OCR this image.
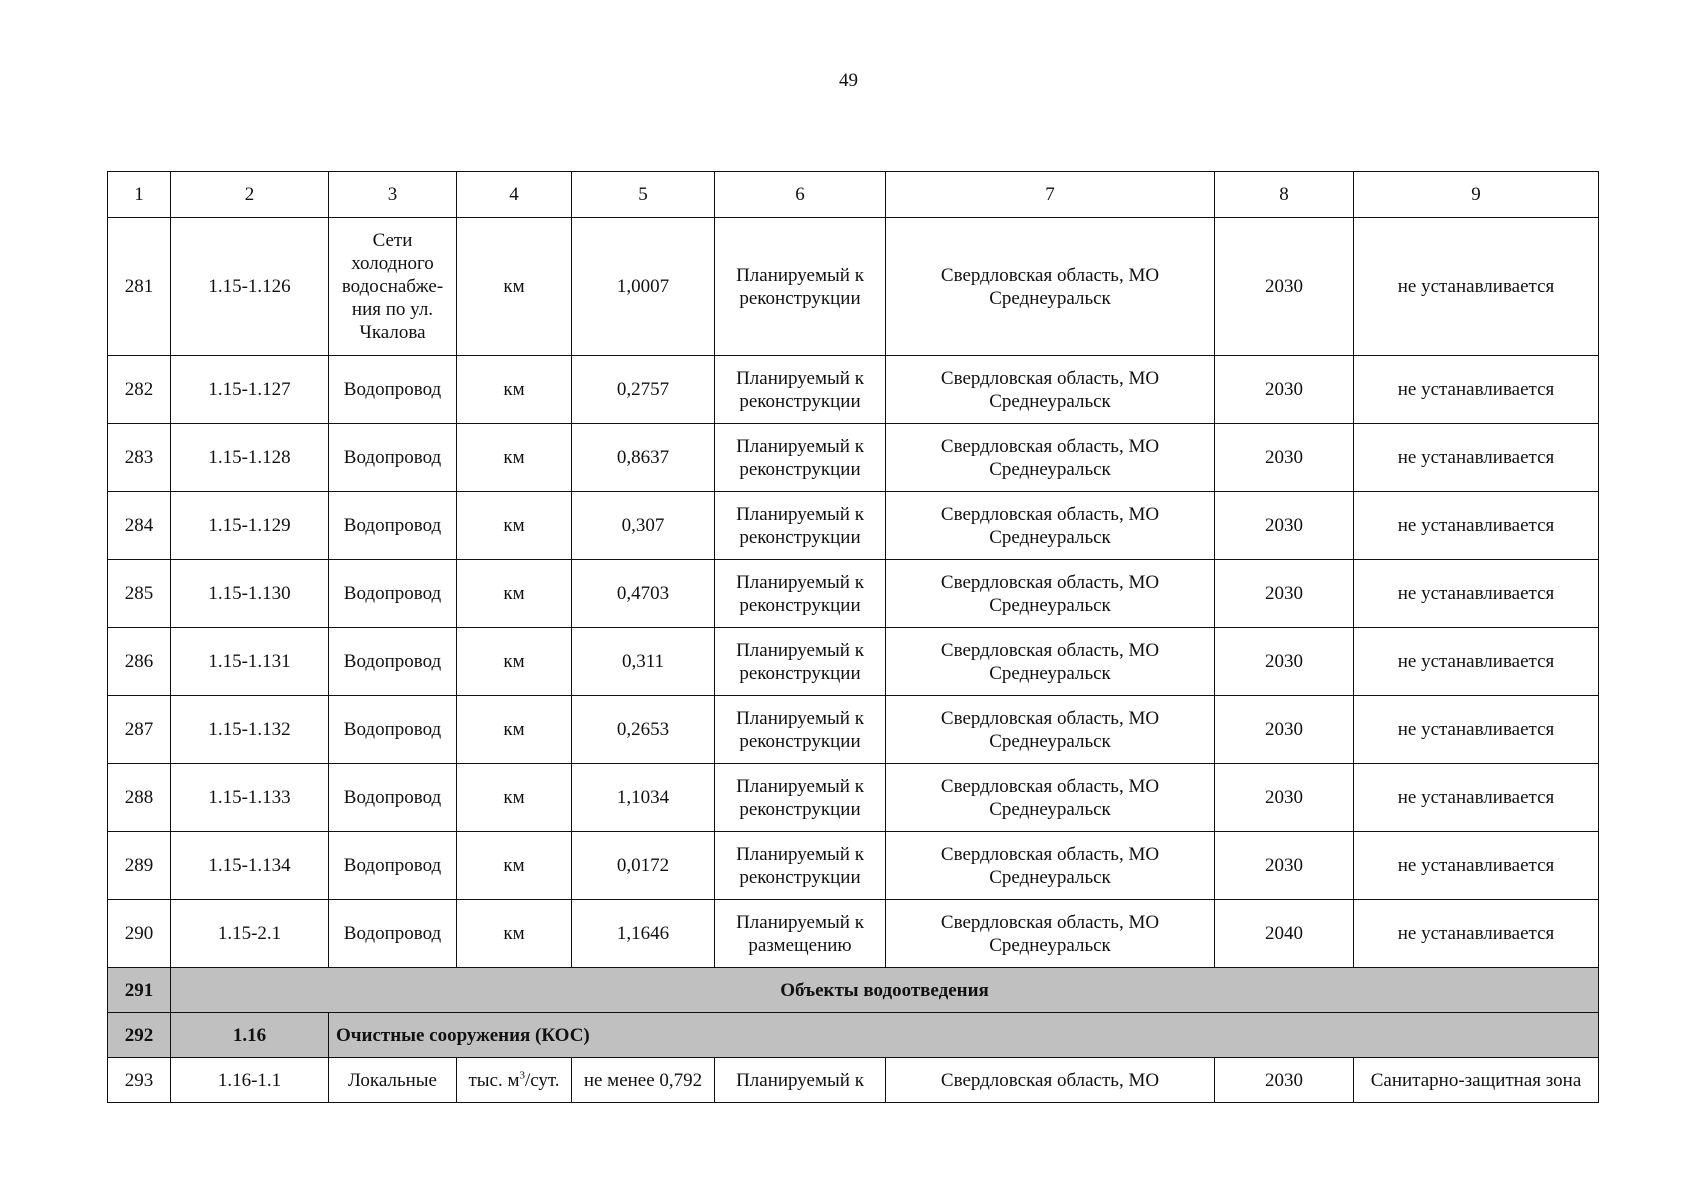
49
1	2	3	4	5	6	7	8	9
281	1.15-1.126	Сети холодного водоснабже-ния по ул. Чкалова	км	1,0007	Планируемый к реконструкции	Свердловская область, МО Среднеуральск	2030	не устанавливается
282	1.15-1.127	Водопровод	км	0,2757	Планируемый к реконструкции	Свердловская область, МО Среднеуральск	2030	не устанавливается
283	1.15-1.128	Водопровод	км	0,8637	Планируемый к реконструкции	Свердловская область, МО Среднеуральск	2030	не устанавливается
284	1.15-1.129	Водопровод	км	0,307	Планируемый к реконструкции	Свердловская область, МО Среднеуральск	2030	не устанавливается
285	1.15-1.130	Водопровод	км	0,4703	Планируемый к реконструкции	Свердловская область, МО Среднеуральск	2030	не устанавливается
286	1.15-1.131	Водопровод	км	0,311	Планируемый к реконструкции	Свердловская область, МО Среднеуральск	2030	не устанавливается
287	1.15-1.132	Водопровод	км	0,2653	Планируемый к реконструкции	Свердловская область, МО Среднеуральск	2030	не устанавливается
288	1.15-1.133	Водопровод	км	1,1034	Планируемый к реконструкции	Свердловская область, МО Среднеуральск	2030	не устанавливается
289	1.15-1.134	Водопровод	км	0,0172	Планируемый к реконструкции	Свердловская область, МО Среднеуральск	2030	не устанавливается
290	1.15-2.1	Водопровод	км	1,1646	Планируемый к размещению	Свердловская область, МО Среднеуральск	2040	не устанавливается
291	Объекты водоотведения							
292	1.16	Очистные сооружения (КОС)						
293	1.16-1.1	Локальные	тыс. $м^3$/сут.	не менее 0,792	Планируемый к	Свердловская область, МО	2030	Санитарно-защитная зона
